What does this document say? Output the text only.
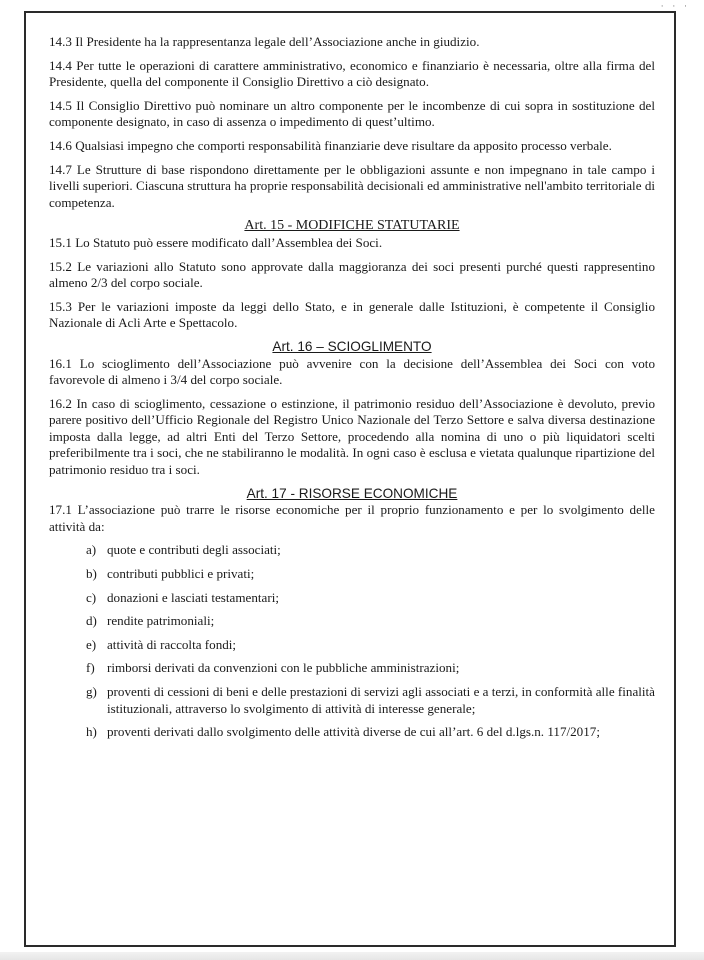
· · ·

14.3 Il Presidente ha la rappresentanza legale dell’Associazione anche in giudizio.

14.4 Per tutte le operazioni di carattere amministrativo, economico e finanziario è necessaria, oltre alla firma del Presidente, quella del componente il Consiglio Direttivo a ciò designato.

14.5 Il Consiglio Direttivo può nominare un altro componente per le incombenze di cui sopra in sostituzione del componente designato, in caso di assenza o impedimento di quest’ultimo.

14.6 Qualsiasi impegno che comporti responsabilità finanziarie deve risultare da apposito processo verbale.

14.7 Le Strutture di base rispondono direttamente per le obbligazioni assunte e non impegnano in tale campo i livelli superiori. Ciascuna struttura ha proprie responsabilità decisionali ed amministrative nell'ambito territoriale di competenza.

Art. 15 - MODIFICHE STATUTARIE

15.1 Lo Statuto può essere modificato dall’Assemblea dei Soci.

15.2 Le variazioni allo Statuto sono approvate dalla maggioranza dei soci presenti purché questi rappresentino almeno 2/3 del corpo sociale.

15.3 Per le variazioni imposte da leggi dello Stato, e in generale dalle Istituzioni, è competente il Consiglio Nazionale di Acli Arte e Spettacolo.

Art. 16 – SCIOGLIMENTO

16.1 Lo scioglimento dell’Associazione può avvenire con la decisione dell’Assemblea dei Soci con voto favorevole di almeno i 3/4 del corpo sociale.

16.2 In caso di scioglimento, cessazione o estinzione, il patrimonio residuo dell’Associazione è devoluto, previo parere positivo dell’Ufficio Regionale del Registro Unico Nazionale del Terzo Settore e salva diversa destinazione imposta dalla legge, ad altri Enti del Terzo Settore, procedendo alla nomina di uno o più liquidatori scelti preferibilmente tra i soci, che ne stabiliranno le modalità. In ogni caso è esclusa e vietata qualunque ripartizione del patrimonio residuo tra i soci.

Art. 17 - RISORSE ECONOMICHE

17.1 L’associazione può trarre le risorse economiche per il proprio funzionamento e per lo svolgimento delle attività da:

a) quote e contributi degli associati;
b) contributi pubblici e privati;
c) donazioni e lasciati testamentari;
d) rendite patrimoniali;
e) attività di raccolta fondi;
f) rimborsi derivati da convenzioni con le pubbliche amministrazioni;
g) proventi di cessioni di beni e delle prestazioni di servizi agli associati e a terzi, in conformità alle finalità istituzionali, attraverso lo svolgimento di attività di interesse generale;
h) proventi derivati dallo svolgimento delle attività diverse de cui all’art. 6 del d.lgs.n. 117/2017;
